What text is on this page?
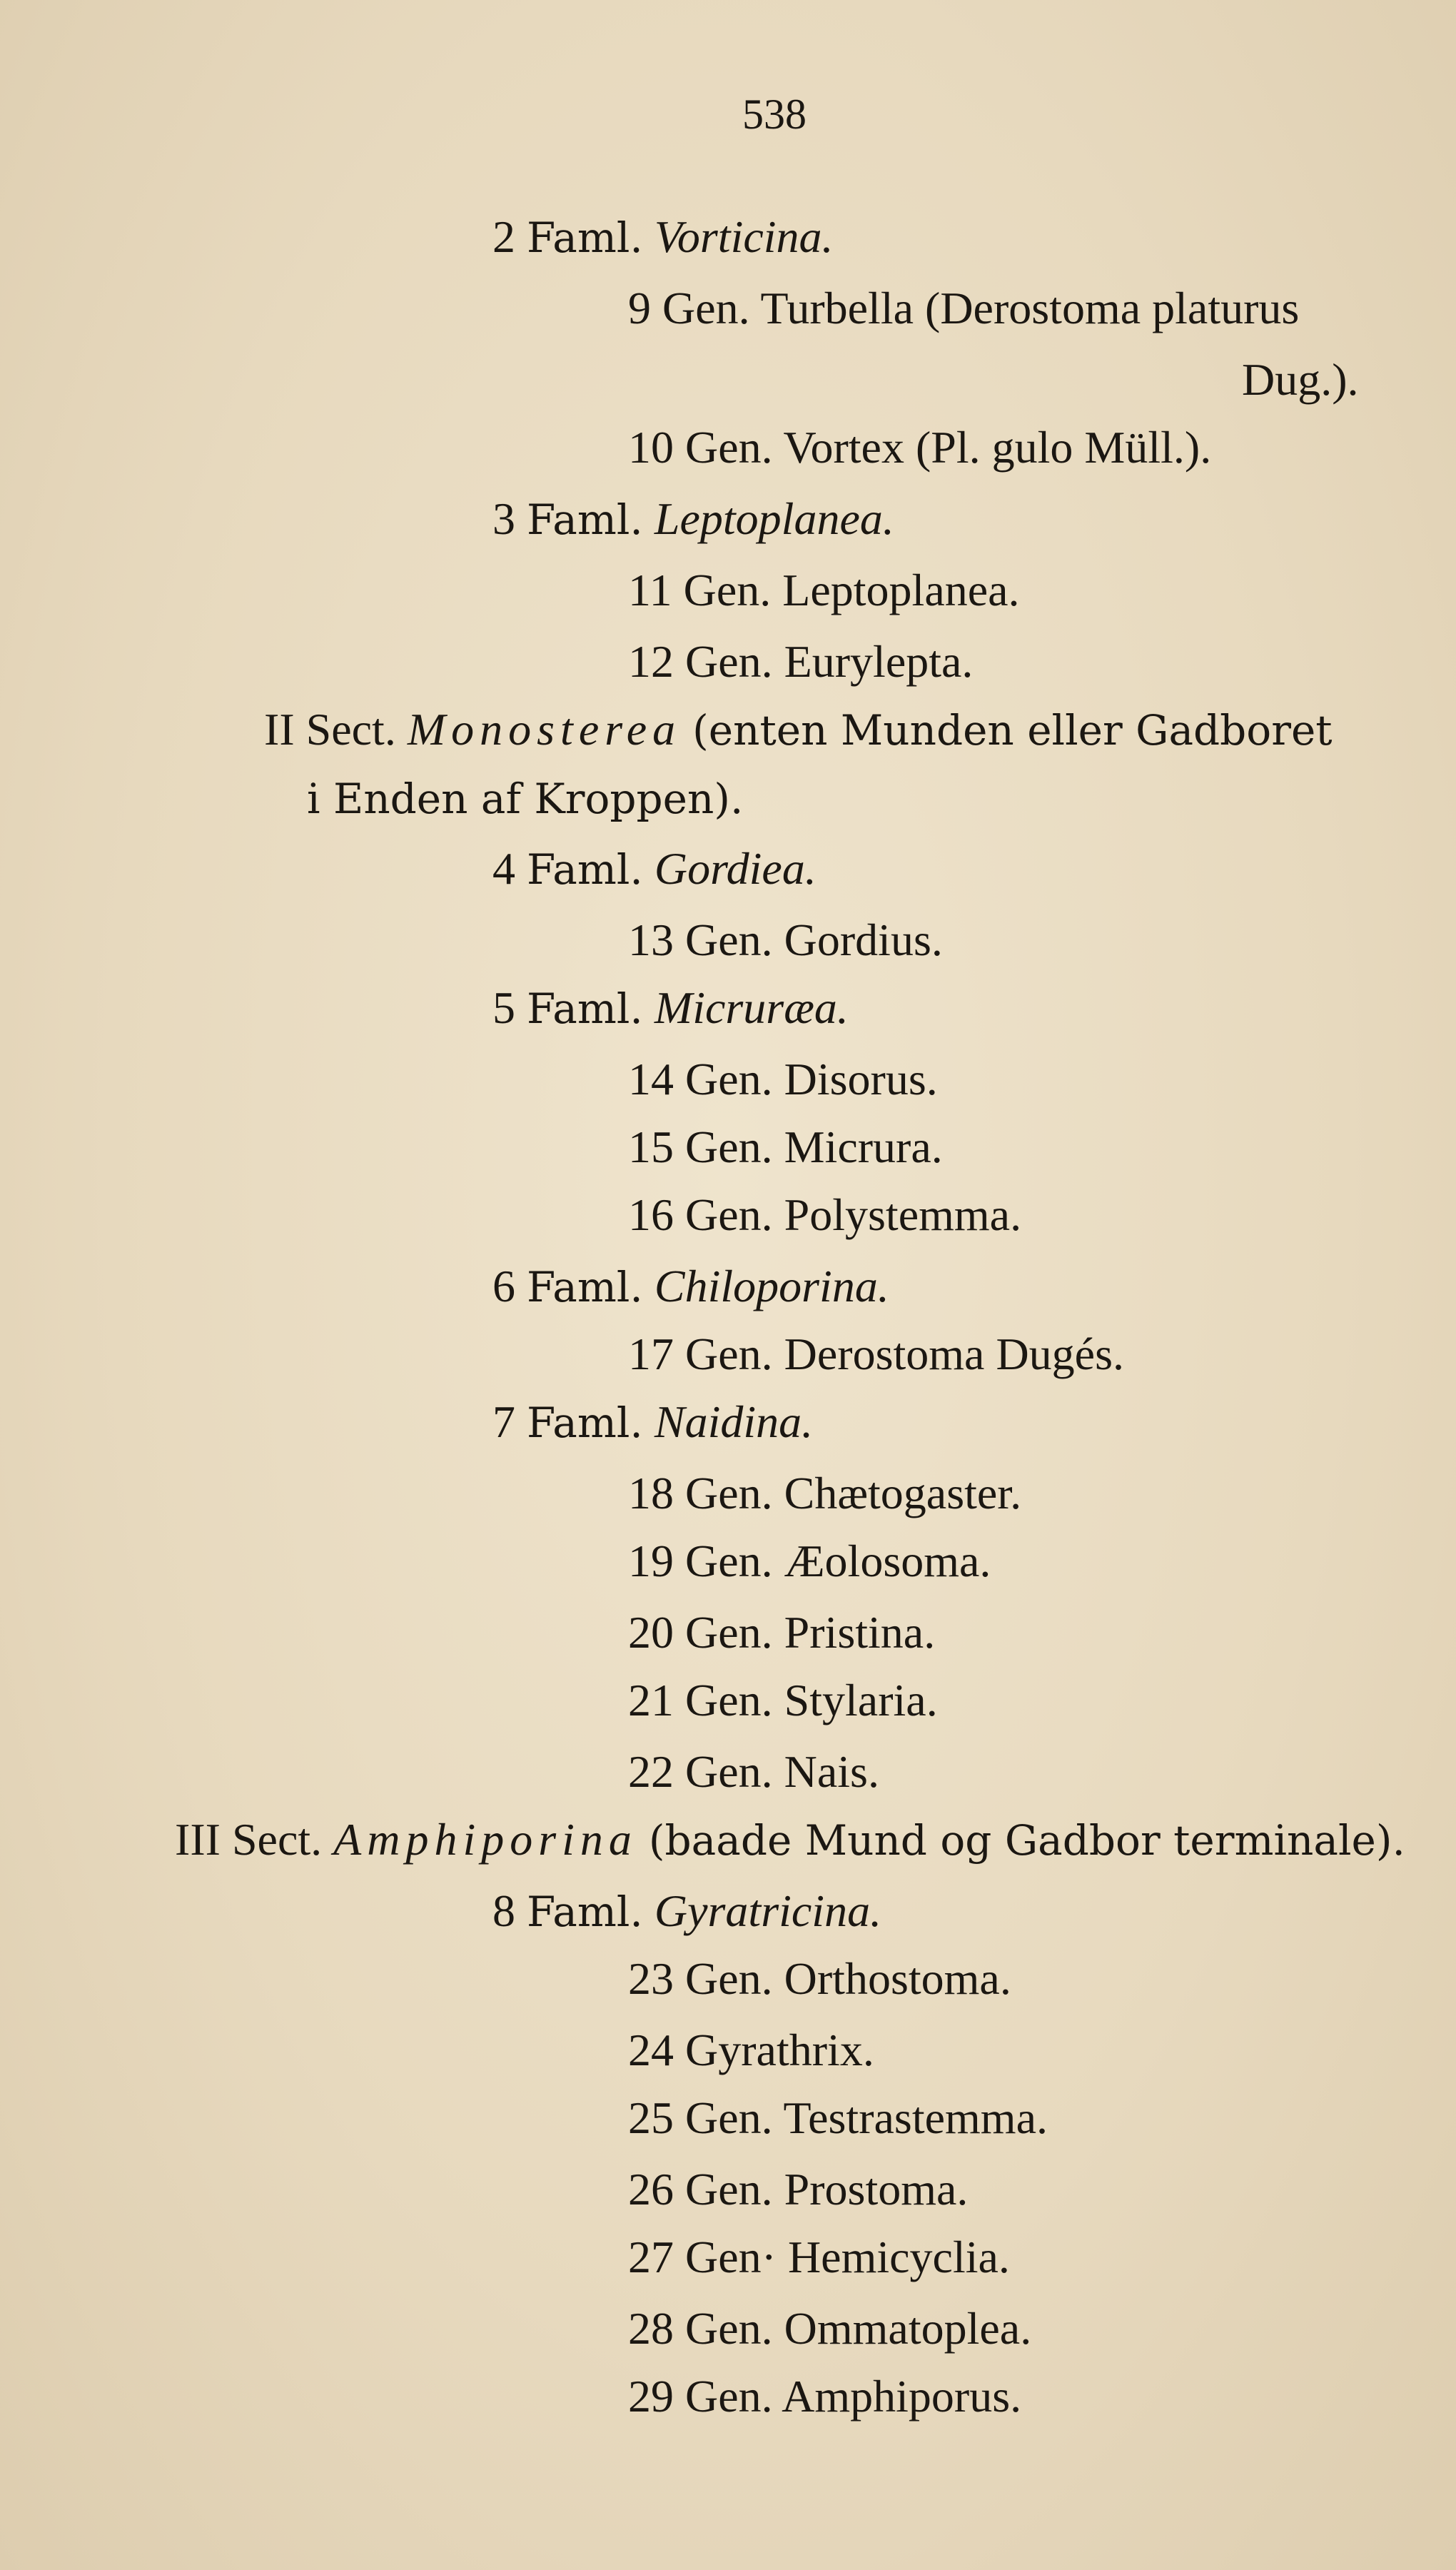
538
2 Faml. Vorticina.
9 Gen. Turbella (Derostoma platurus
Dug.).
10 Gen. Vortex (Pl. gulo Müll.).
3 Faml. Leptoplanea.
11 Gen. Leptoplanea.
12 Gen. Eurylepta.
II Sect. Monosterea (enten Munden eller Gadboret
i Enden af Kroppen).
4 Faml. Gordiea.
13 Gen. Gordius.
5 Faml. Micruræa.
14 Gen. Disorus.
15 Gen. Micrura.
16 Gen. Polystemma.
6 Faml. Chiloporina.
17 Gen. Derostoma Dugés.
7 Faml. Naidina.
18 Gen. Chætogaster.
19 Gen. Æolosoma.
20 Gen. Pristina.
21 Gen. Stylaria.
22 Gen. Nais.
III Sect. Amphiporina (baade Mund og Gadbor terminale).
8 Faml. Gyratricina.
23 Gen. Orthostoma.
24 Gyrathrix.
25 Gen. Testrastemma.
26 Gen. Prostoma.
27 Gen· Hemicyclia.
28 Gen. Ommatoplea.
29 Gen. Amphiporus.
